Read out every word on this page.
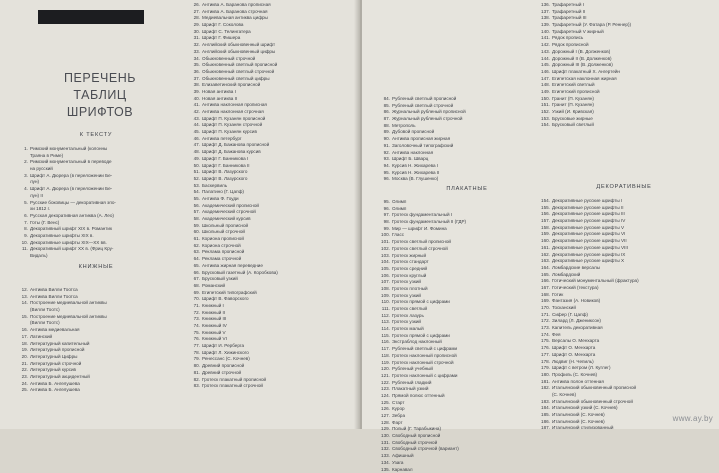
ПЕРЕЧЕНЬ
ТАБЛИЦ
ШРИФТОВ
К ТЕКСТУ
1. Римский монументальный (колонны
Траяна в Риме)
2. Римский монументальный в переводе
на русский
3. Шрифт А. Дюрера (в переложении Бе-
лун)
4. Шрифт А. Дюрера (в переложении Бе-
лун) II
5. Русские боковицы — декоративная эпо-
хи 1812 г.
6. Русская декоративная антиква (А. Лео)
7. Готы (Г. Венс)
8. Декоративный шрифт XIX в. Романтик
9. Декоративные шрифты XIX в.
10. Декоративные шрифты XIX—XX вв.
11. Декоративный шрифт XX в. (Фриц Кру-
Видаль)
КНИЖНЫЕ
12. Антиква Вилли Тоотса
13. Антиква Вилли Тоотса
14. Построение медиевальной антиквы
(Вилли Тоотс)
15. Построение медиевальной антиквы
(Вилли Тоотс)
16. Антиква медиевальная
17. Латинский
18. Литературный капительный
19. Литературный прописной
20. Литературный Цифры
21. Литературный строчной
22. Литературный курсив
23. Литературный акцидентный
24. Антиква Б. Ангелушева
25. Антиква Б. Ангелушева
26. Антиква А. Баранова прописная
27. Антиква А. Баранова строчная
28. Медиевальная антиква цифры
29. Шрифт Г. Соколова
30. Шрифт С. Телингатера
31. Шрифт Г. Фишера
32. Английский обыкновенный шрифт
33. Английский обыкновенный цифры
34. Обыкновенный строчной
35. Обыкновенный светлый прописной
36. Обыкновенный светлый строчной
37. Обыкновенный светлый цифры
38. Елизаветинский прописной
39. Новая антиква I
40. Новая антиква II
41. Антиква наклонная прописная
42. Антиква наклонная строчная
43. Шрифт П. Кузанян прописной
44. Шрифт П. Кузанян строчной
45. Шрифт П. Кузанян курсив
46. Антиква петербург
47. Шрифт Д. Бажанова прописной
48. Шрифт Д. Бажанова курсив
49. Шрифт Г. Банникова I
50. Шрифт Г. Банникова II
51. Шрифт В. Лазурского
52. Шрифт В. Лазурского
53. Баскервиль
54. Палатино (Г. Цапф)
55. Антиква Ф. Гоуди
56. Академический прописной
57. Академический строчной
58. Академический курсив
59. Школьный прописной
60. Школьный строчной
61. Кориона прописной
62. Кориона строчной
63. Реклама прописной
64. Реклама строчной
65. Антиква жирная переведние
66. Брусковый газетный (А. Коробкова)
67. Брусковый узкий
68. Романский
69. Египетский типографский
70. Шрифт В. Фаворского
71. Книжный I
72. Книжный II
73. Книжный III
74. Книжный IV
75. Книжный V
76. Книжный VI
77. Шрифт И. Рерберга
78. Шрифт Л. Хижинского
79. Ренессанс (С. Кочнев)
80. Древний прописной
81. Древний строчной
82. Гротеск плакатный прописной
83. Гротеск плакатный строчной
84. Рубленый светлый прописной
85. Рубленый светлый строчной
86. Журнальный рубленый прописной
87. Журнальный рубленый строчной
88. Метрополь
89. Дубовой прописной
90. Антиква прописная жирная
91. Заголовочный типографский
92. Антиква наклонная
93. Шрифт Б. Шварц
94. Курсив Н. Жихарева I
95. Курсив Н. Жихарева II
96. Москва (В. Глушенко)
ПЛАКАТНЫЕ
95. Олимп
96. Олимп
97. Гротеск фундаментальный I
98. Гротеск фундаментальный II (ГДР)
99. Мир — шрифт И. Фомина
100. Гласс
101. Гротеск светлый прописной
102. Гротеск светлый строчной
103. Гротеск жирный
104. Гротеск стандарт
105. Гротеск средний
106. Гротеск круглый
107. Гротеск узкий
108. Гротеск плотный
109. Гротеск узкий
110. Гротеск прямой с цифрами
111. Гротеск светлый
112. Гротеск лазурь
113. Гротеск узкий
114. Гротеск малый
115. Гротеск прямой с цифрами
116. Экстраблод наклонный
117. Рубленый светлый с цифрами
118. Гротеск наклонный прописной
119. Гротеск наклонный строчной
120. Рубленый учебный
121. Гротеск наклонный с цифрами
122. Рубленый гладкий
123. Плакатный узкий
124. Прямой полюс оттенный
125. Старт
126. Курор
127. Зебра
128. Фарт
129. Полый (Г. Тарабыкина)
130. Свободный прописной
131. Свободный строчной
132. Свободный строчной (вариант)
133. Афишный
134. Узага
135. Карнавал
136. Трафаретный I
137. Трафаретный II
138. Трафаретный III
139. Трафаретный (У. Фатара (Р. Реннер))
140. Трафаретный V жирный
141. Рядок пропись
142. Рядок прописной
143. Дорожный I (В. Долженков)
144. Дорожный II (В. Долженков)
145. Дорожный III (В. Долженков)
146. Шрифт плакатный Х. Ангертейн
147. Египетская наклонная жирная
148. Египетский светлый
149. Египетский прописной
150. Гранит (П. Кузанян)
151. Гранит (П. Кузанян)
152. Узкий (И. Кривская)
153. Брусковые жирные
154. Брусковый светлый
ДЕКОРАТИВНЫЕ
154. Декоративные русские шрифты I
155. Декоративные русские шрифты II
156. Декоративные русские шрифты III
157. Декоративные русские шрифты IV
158. Декоративные русские шрифты V
159. Декоративные русские шрифты VI
160. Декоративные русские шрифты VII
161. Декоративные русские шрифты VIII
162. Декоративные русские шрифты IX
163. Декоративные русские шрифты X
164. Ломбардские версалы
165. Ломбардский
166. Готический монументальный (фрактура)
167. Готический (текстура)
168. Готик
169. Фантазия (А. Новиков)
170. Тосканский
171. Сифер (Г. Цапф)
172. Зилард (Л. Джениксон)
173. Капитель декоративная
174. Фея
175. Версалы О. Менхарта
176. Шрифт О. Менхарта
177. Шрифт О. Менхарта
178. Людвиг (Н. Чепиль)
179. Шрифт с ветром (Л. Куглег)
180. Профиль (С. Кочнев)
181. Антиква полон оттенная
182. Итальянский обыкновенный прописной
(С. Кочнев)
183. Итальянский обыкновенный строчной
184. Итальянский узкий (С. Кочнев)
185. Итальянский (С. Кочнев)
186. Итальянский (С. Кочнев)
187. Итальянский стилизованный
www.ay.by
